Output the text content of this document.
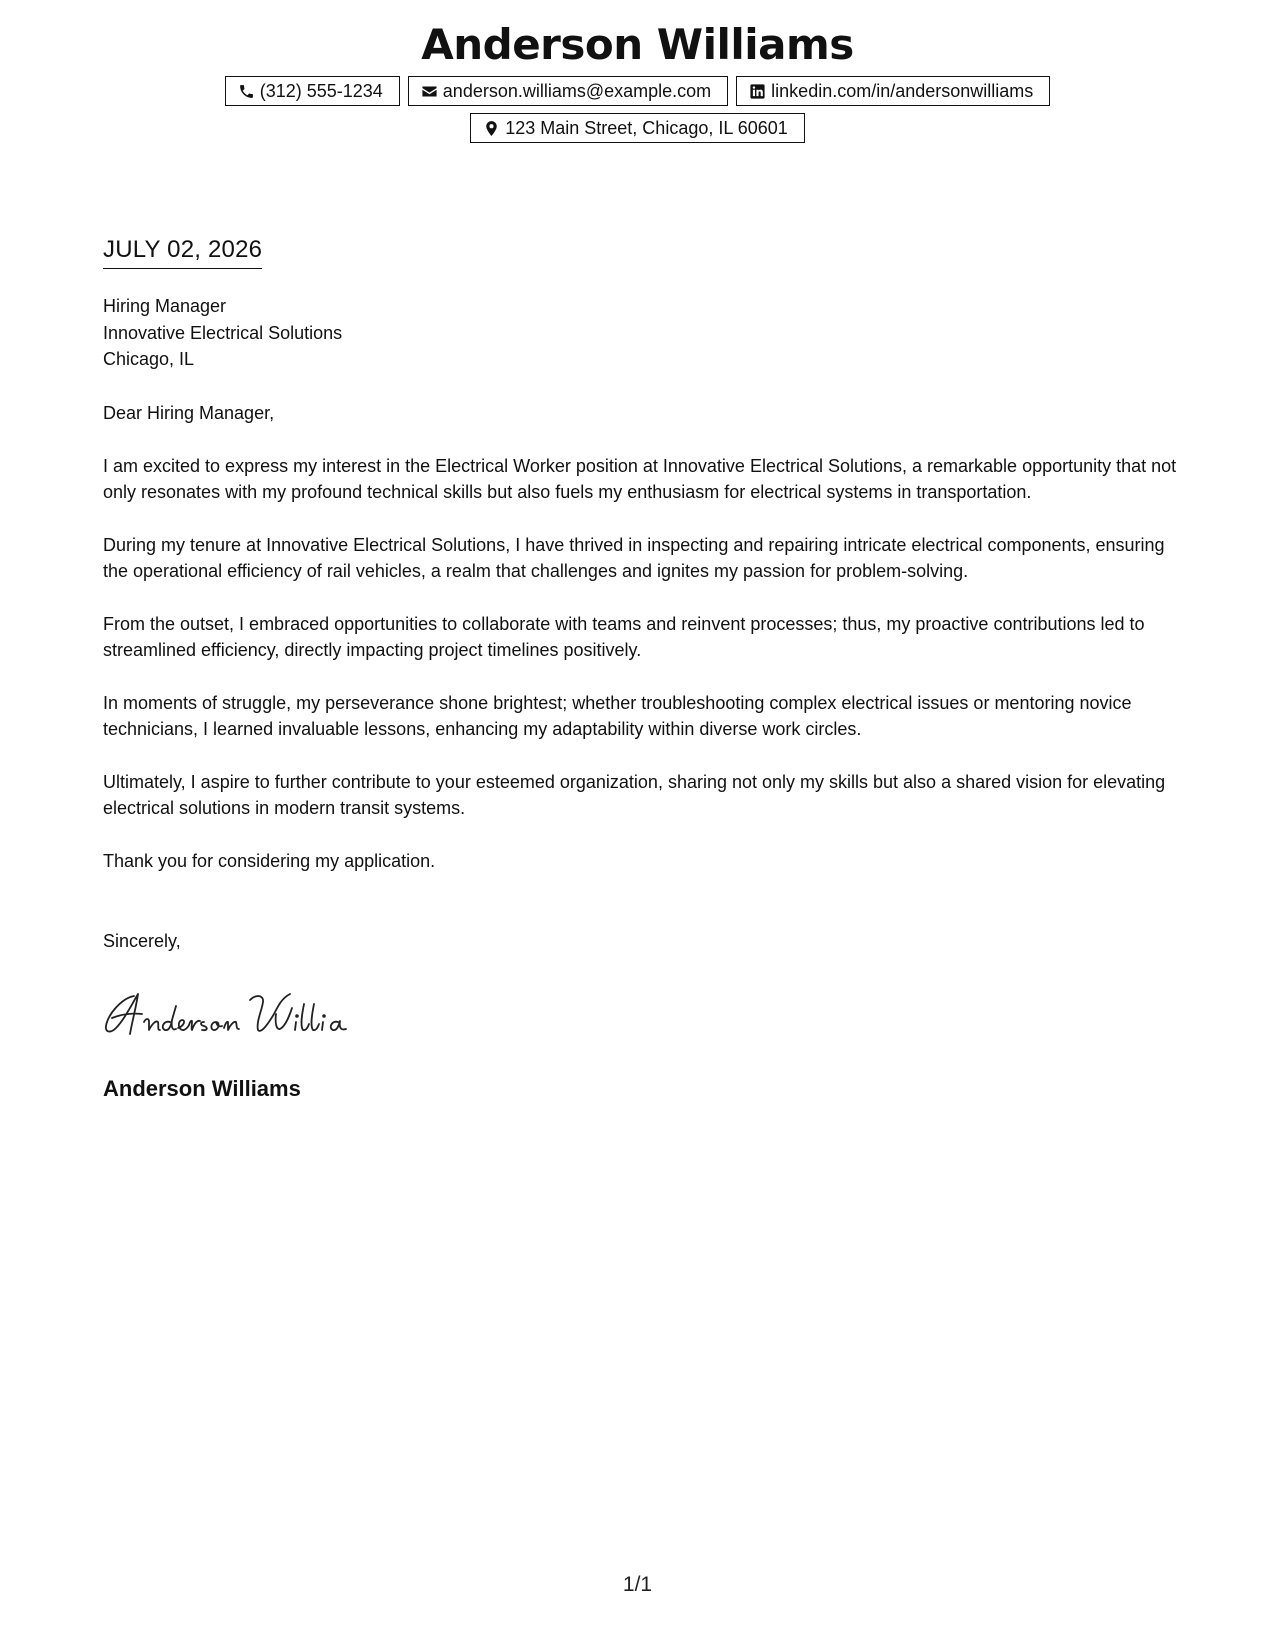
Anderson Williams
(312) 555-1234	anderson.williams@example.com	linkedin.com/in/andersonwilliams
123 Main Street, Chicago, IL 60601
JULY 02, 2026
Hiring Manager
Innovative Electrical Solutions
Chicago, IL

Dear Hiring Manager,

I am excited to express my interest in the Electrical Worker position at Innovative Electrical Solutions, a remarkable opportunity that not only resonates with my profound technical skills but also fuels my enthusiasm for electrical systems in transportation.

During my tenure at Innovative Electrical Solutions, I have thrived in inspecting and repairing intricate electrical components, ensuring the operational efficiency of rail vehicles, a realm that challenges and ignites my passion for problem-solving.

From the outset, I embraced opportunities to collaborate with teams and reinvent processes; thus, my proactive contributions led to streamlined efficiency, directly impacting project timelines positively.

In moments of struggle, my perseverance shone brightest; whether troubleshooting complex electrical issues or mentoring novice technicians, I learned invaluable lessons, enhancing my adaptability within diverse work circles.

Ultimately, I aspire to further contribute to your esteemed organization, sharing not only my skills but also a shared vision for elevating electrical solutions in modern transit systems.

Thank you for considering my application.

Sincerely,
Anderson Willia
Anderson Williams
1/1
